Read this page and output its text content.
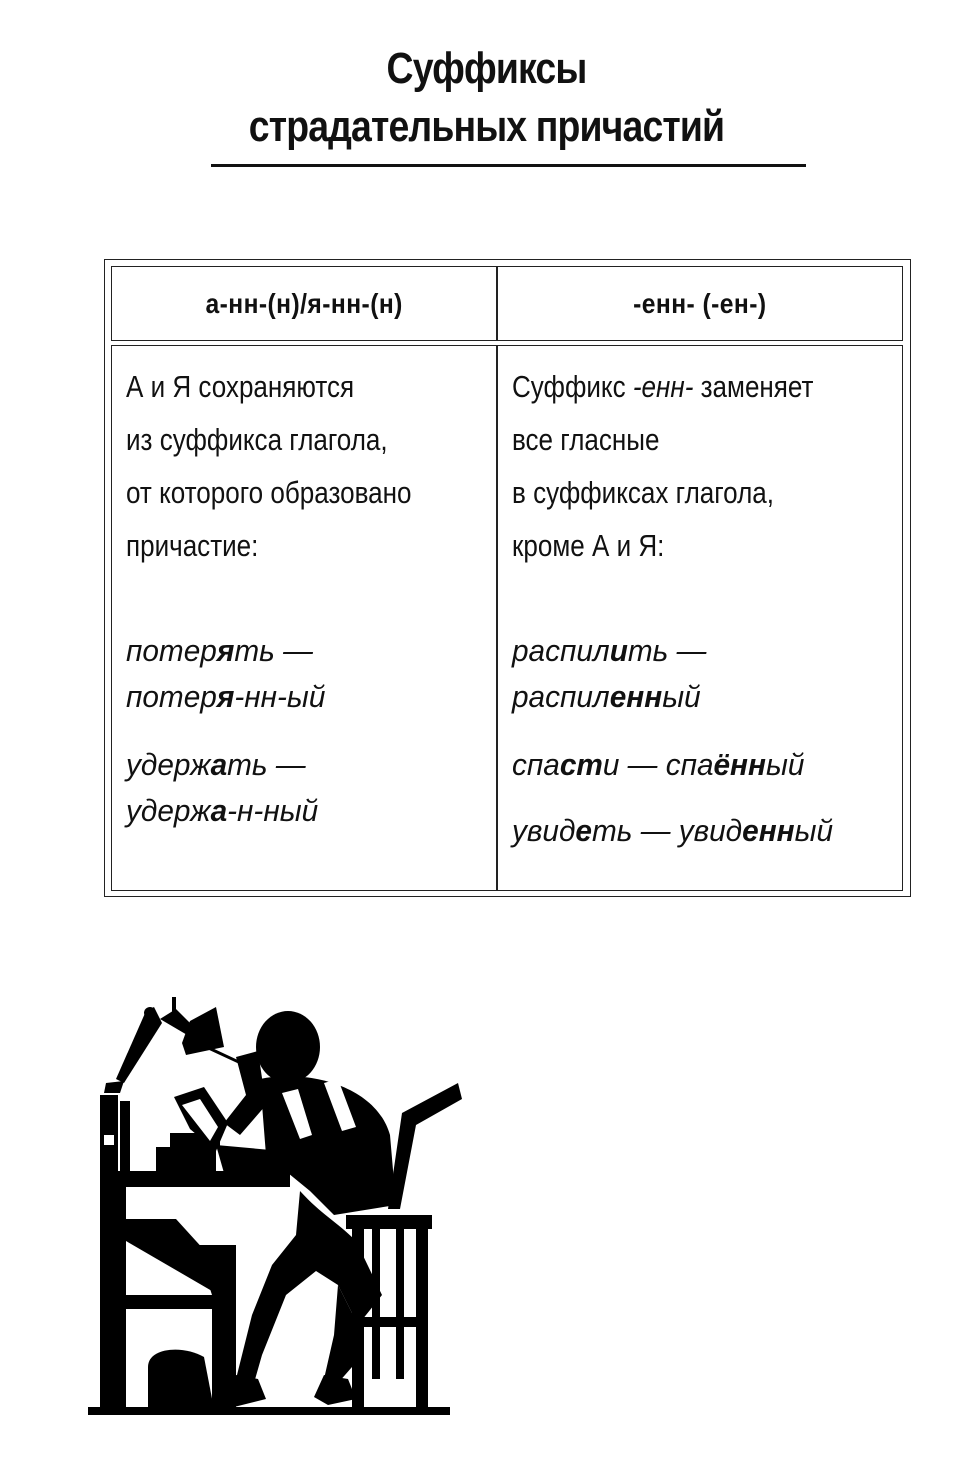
Суффиксы
страдательных причастий
а-нн-(н)/я-нн-(н)	-енн- (-ен-)
А и Я сохраняются
из суффикса глагола,
от которого образовано
причастие:
потерять —
потеря-нн-ый
удержать —
удержа-н-ный
Суффикс -енн- заменяет
все гласные
в суффиксах глагола,
кроме А и Я:
распилить —
распиленный
спасти — спаённый
увидеть — увиденный
